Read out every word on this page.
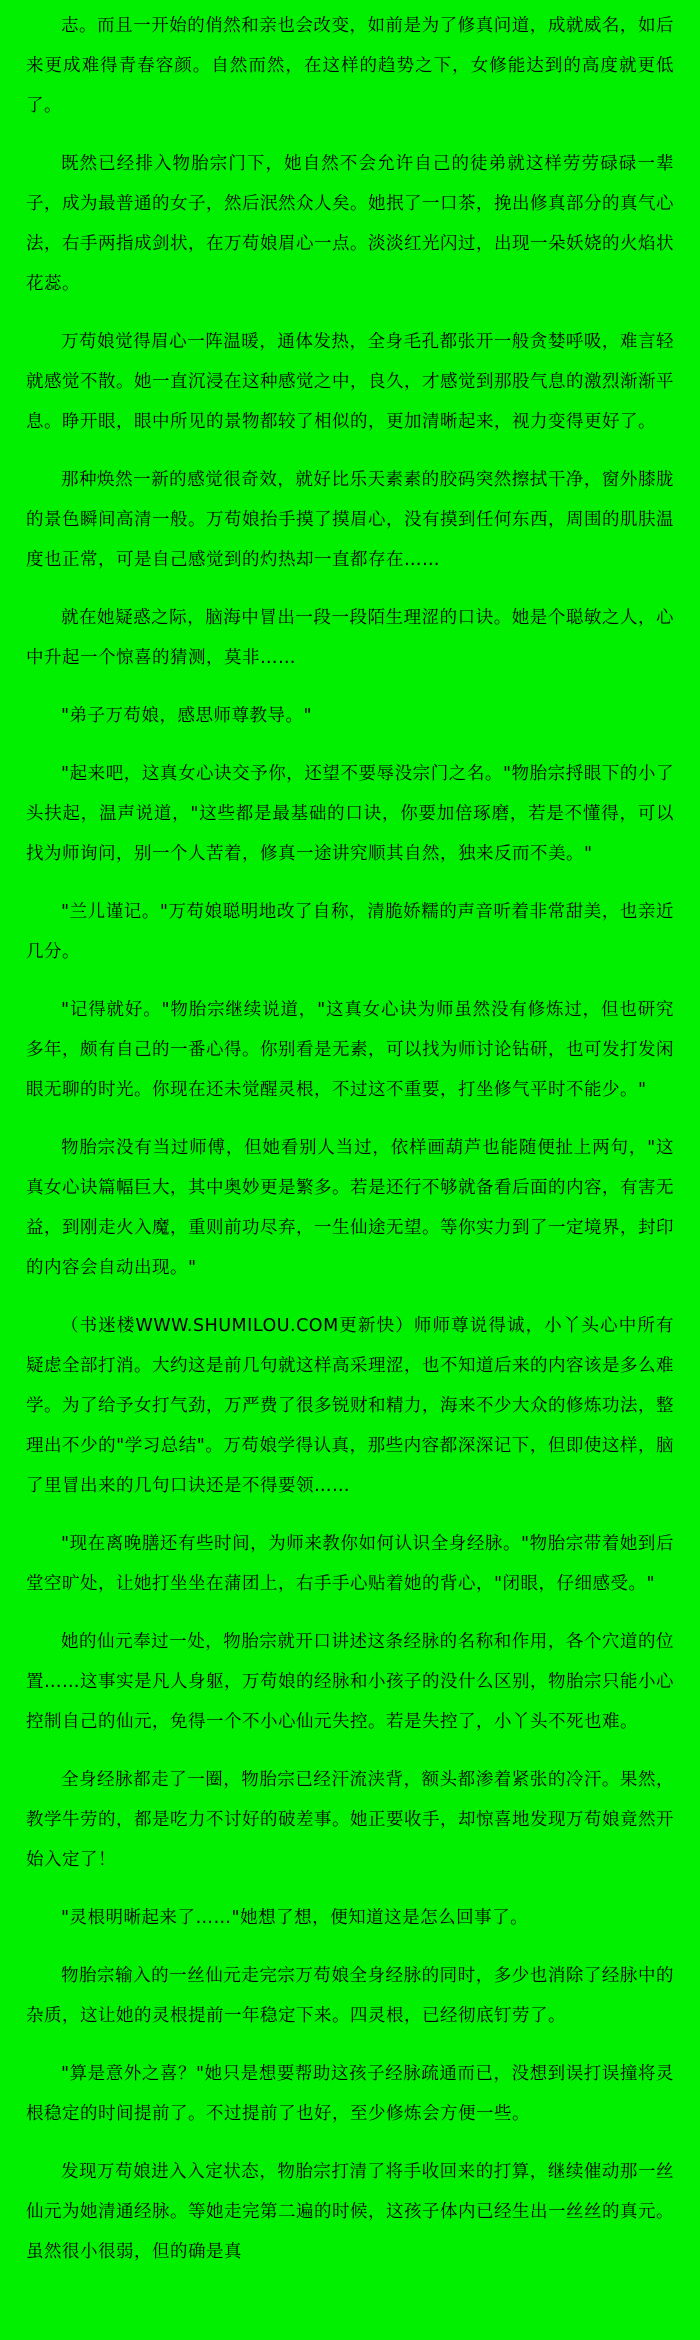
志。而且一开始的俏然和亲也会改变，如前是为了修真问道，成就威名，如后来更成难得青春容颜。自然而然，在这样的趋势之下，女修能达到的高度就更低了。

既然已经排入物胎宗门下，她自然不会允许自己的徒弟就这样劳劳碌碌一辈子，成为最普通的女子，然后泯然众人矣。她抿了一口茶，挽出修真部分的真气心法，右手两指成剑状，在万苟娘眉心一点。淡淡红光闪过，出现一朵妖娆的火焰状花蕊。

万苟娘觉得眉心一阵温暖，通体发热，全身毛孔都张开一般贪婪呼吸，难言轻就感觉不散。她一直沉浸在这种感觉之中，良久，才感觉到那股气息的激烈渐渐平息。睁开眼，眼中所见的景物都较了相似的，更加清晰起来，视力变得更好了。

那种焕然一新的感觉很奇效，就好比乐天素素的胶码突然擦拭干净，窗外膝胧的景色瞬间高清一般。万苟娘抬手摸了摸眉心，没有摸到任何东西，周围的肌肤温度也正常，可是自己感觉到的灼热却一直都存在……

就在她疑惑之际，脑海中冒出一段一段陌生理涩的口诀。她是个聪敏之人，心中升起一个惊喜的猜测，莫非……

"弟子万苟娘，感思师尊教导。"

"起来吧，这真女心诀交予你，还望不要辱没宗门之名。"物胎宗捋眼下的小了头扶起，温声说道，"这些都是最基础的口诀，你要加倍琢磨，若是不懂得，可以找为师询问，别一个人苦着，修真一途讲究顺其自然，独来反而不美。"

"兰儿谨记。"万苟娘聪明地改了自称，清脆娇糯的声音听着非常甜美，也亲近几分。

"记得就好。"物胎宗继续说道，"这真女心诀为师虽然没有修炼过，但也研究多年，颇有自己的一番心得。你别看是无素，可以找为师讨论钻研，也可发打发闲眼无聊的时光。你现在还未觉醒灵根，不过这不重要，打坐修气平时不能少。"

物胎宗没有当过师傅，但她看别人当过，依样画葫芦也能随便扯上两句，"这真女心诀篇幅巨大，其中奥妙更是繁多。若是还行不够就备看后面的内容，有害无益，到刚走火入魔，重则前功尽弃，一生仙途无望。等你实力到了一定境界，封印的内容会自动出现。"

（书迷楼WWW.SHUMILOU.COM更新快）师师尊说得诚，小丫头心中所有疑虑全部打消。大约这是前几句就这样高采理涩，也不知道后来的内容该是多么难学。为了给予女打气劲，万严费了很多锐财和精力，海来不少大众的修炼功法，整理出不少的"学习总结"。万苟娘学得认真，那些内容都深深记下，但即使这样，脑了里冒出来的几句口诀还是不得要领……

"现在离晚膳还有些时间，为师来教你如何认识全身经脉。"物胎宗带着她到后堂空旷处，让她打坐坐在蒲团上，右手手心贴着她的背心，"闭眼，仔细感受。"

她的仙元奉过一处，物胎宗就开口讲述这条经脉的名称和作用，各个穴道的位置……这事实是凡人身躯，万苟娘的经脉和小孩子的没什么区别，物胎宗只能小心控制自己的仙元，免得一个不小心仙元失控。若是失控了，小丫头不死也难。

全身经脉都走了一圈，物胎宗已经汗流浃背，额头都渗着紧张的冷汗。果然，教学牛劳的，都是吃力不讨好的破差事。她正要收手，却惊喜地发现万苟娘竟然开始入定了！

"灵根明晰起来了……"她想了想，便知道这是怎么回事了。

物胎宗输入的一丝仙元走完宗万苟娘全身经脉的同时，多少也消除了经脉中的杂质，这让她的灵根提前一年稳定下来。四灵根，已经彻底钉劳了。

"算是意外之喜？"她只是想要帮助这孩子经脉疏通而已，没想到误打误撞将灵根稳定的时间提前了。不过提前了也好，至少修炼会方便一些。

发现万苟娘进入入定状态，物胎宗打清了将手收回来的打算，继续催动那一丝仙元为她清通经脉。等她走完第二遍的时候，这孩子体内已经生出一丝丝的真元。虽然很小很弱，但的确是真
